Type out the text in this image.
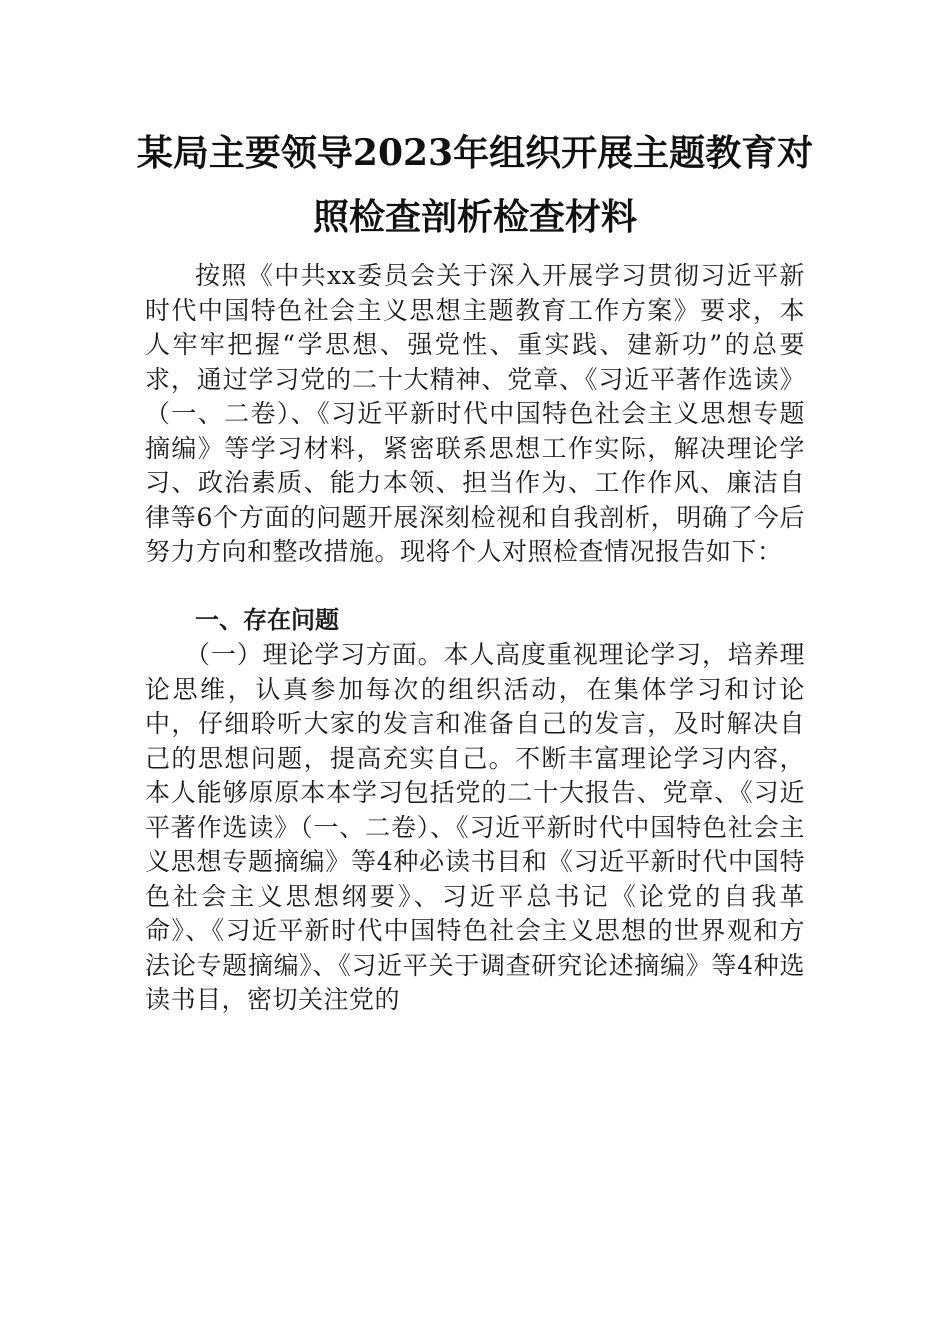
某局主要领导2023年组织开展主题教育对
照检查剖析检查材料

按照《中共xx委员会关于深入开展学习贯彻习近平新时代中国特色社会主义思想主题教育工作方案》要求，本人牢牢把握“学思想、强党性、重实践、建新功”的总要求，通过学习党的二十大精神、党章、《习近平著作选读》（一、二卷）、《习近平新时代中国特色社会主义思想专题摘编》等学习材料，紧密联系思想工作实际，解决理论学习、政治素质、能力本领、担当作为、工作作风、廉洁自律等6个方面的问题开展深刻检视和自我剖析，明确了今后努力方向和整改措施。现将个人对照检查情况报告如下：

一、存在问题

（一）理论学习方面。本人高度重视理论学习，培养理论思维，认真参加每次的组织活动，在集体学习和讨论中，仔细聆听大家的发言和准备自己的发言，及时解决自己的思想问题，提高充实自己。不断丰富理论学习内容，本人能够原原本本学习包括党的二十大报告、党章、《习近平著作选读》（一、二卷）、《习近平新时代中国特色社会主义思想专题摘编》等4种必读书目和《习近平新时代中国特色社会主义思想纲要》、习近平总书记《论党的自我革命》、《习近平新时代中国特色社会主义思想的世界观和方法论专题摘编》、《习近平关于调查研究论述摘编》等4种选读书目，密切关注党的
